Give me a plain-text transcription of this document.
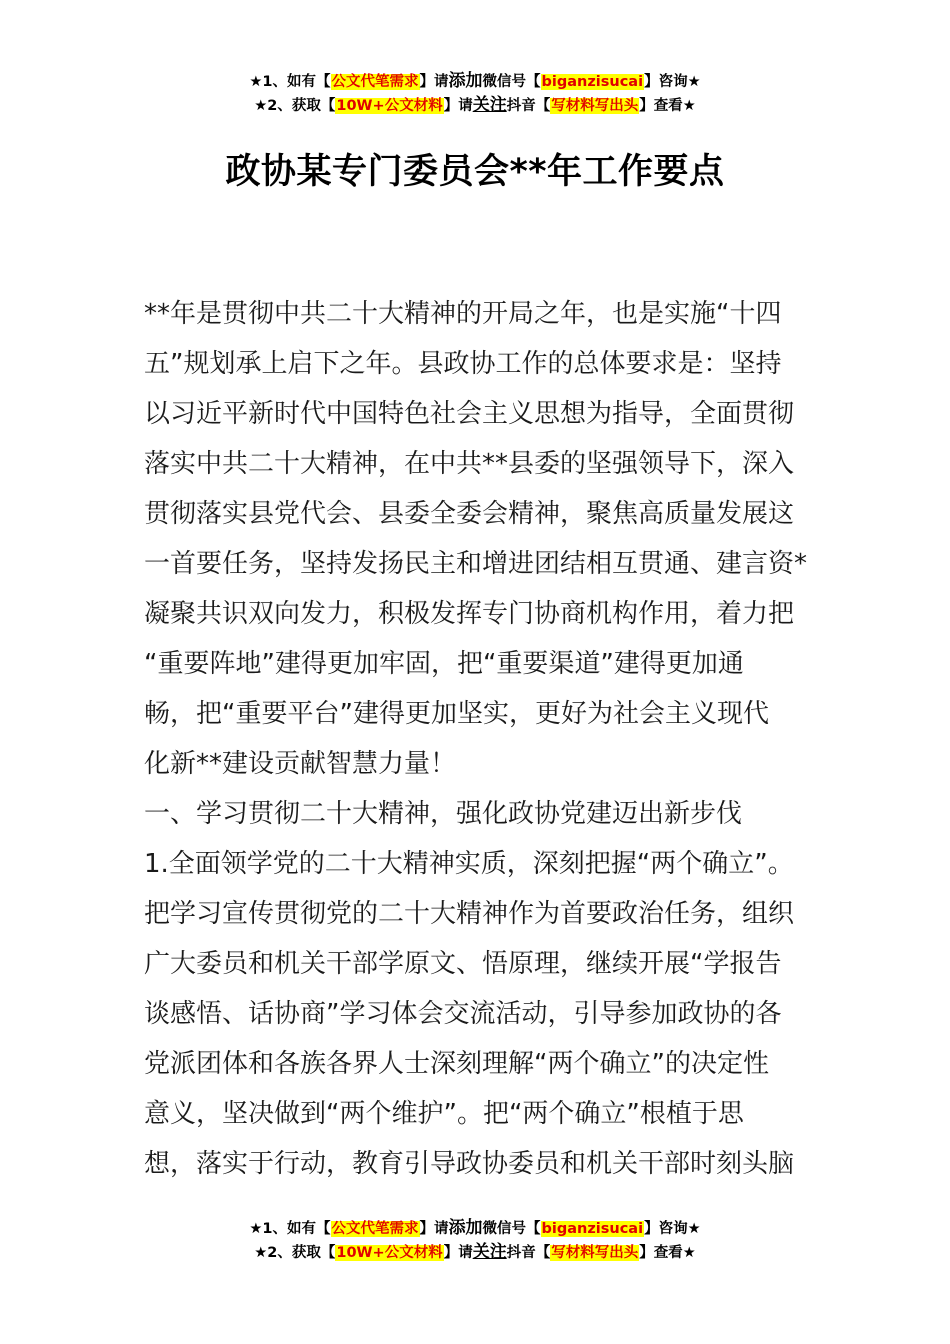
★1、如有【公文代笔需求】请添加微信号【biganzisucai】咨询★
★2、获取【10W+公文材料】请关注抖音【写材料写出头】查看★
政协某专门委员会**年工作要点
**年是贯彻中共二十大精神的开局之年，也是实施“十四
五”规划承上启下之年。县政协工作的总体要求是：坚持
以习近平新时代中国特色社会主义思想为指导，全面贯彻
落实中共二十大精神，在中共**县委的坚强领导下，深入
贯彻落实县党代会、县委全委会精神，聚焦高质量发展这
一首要任务，坚持发扬民主和增进团结相互贯通、建言资*
凝聚共识双向发力，积极发挥专门协商机构作用，着力把
“重要阵地”建得更加牢固，把“重要渠道”建得更加通
畅，把“重要平台”建得更加坚实，更好为社会主义现代
化新**建设贡献智慧力量！
一、学习贯彻二十大精神，强化政协党建迈出新步伐
1.全面领学党的二十大精神实质，深刻把握“两个确立”。
把学习宣传贯彻党的二十大精神作为首要政治任务，组织
广大委员和机关干部学原文、悟原理，继续开展“学报告
谈感悟、话协商”学习体会交流活动，引导参加政协的各
党派团体和各族各界人士深刻理解“两个确立”的决定性
意义，坚决做到“两个维护”。把“两个确立”根植于思
想，落实于行动，教育引导政协委员和机关干部时刻头脑
★1、如有【公文代笔需求】请添加微信号【biganzisucai】咨询★
★2、获取【10W+公文材料】请关注抖音【写材料写出头】查看★
